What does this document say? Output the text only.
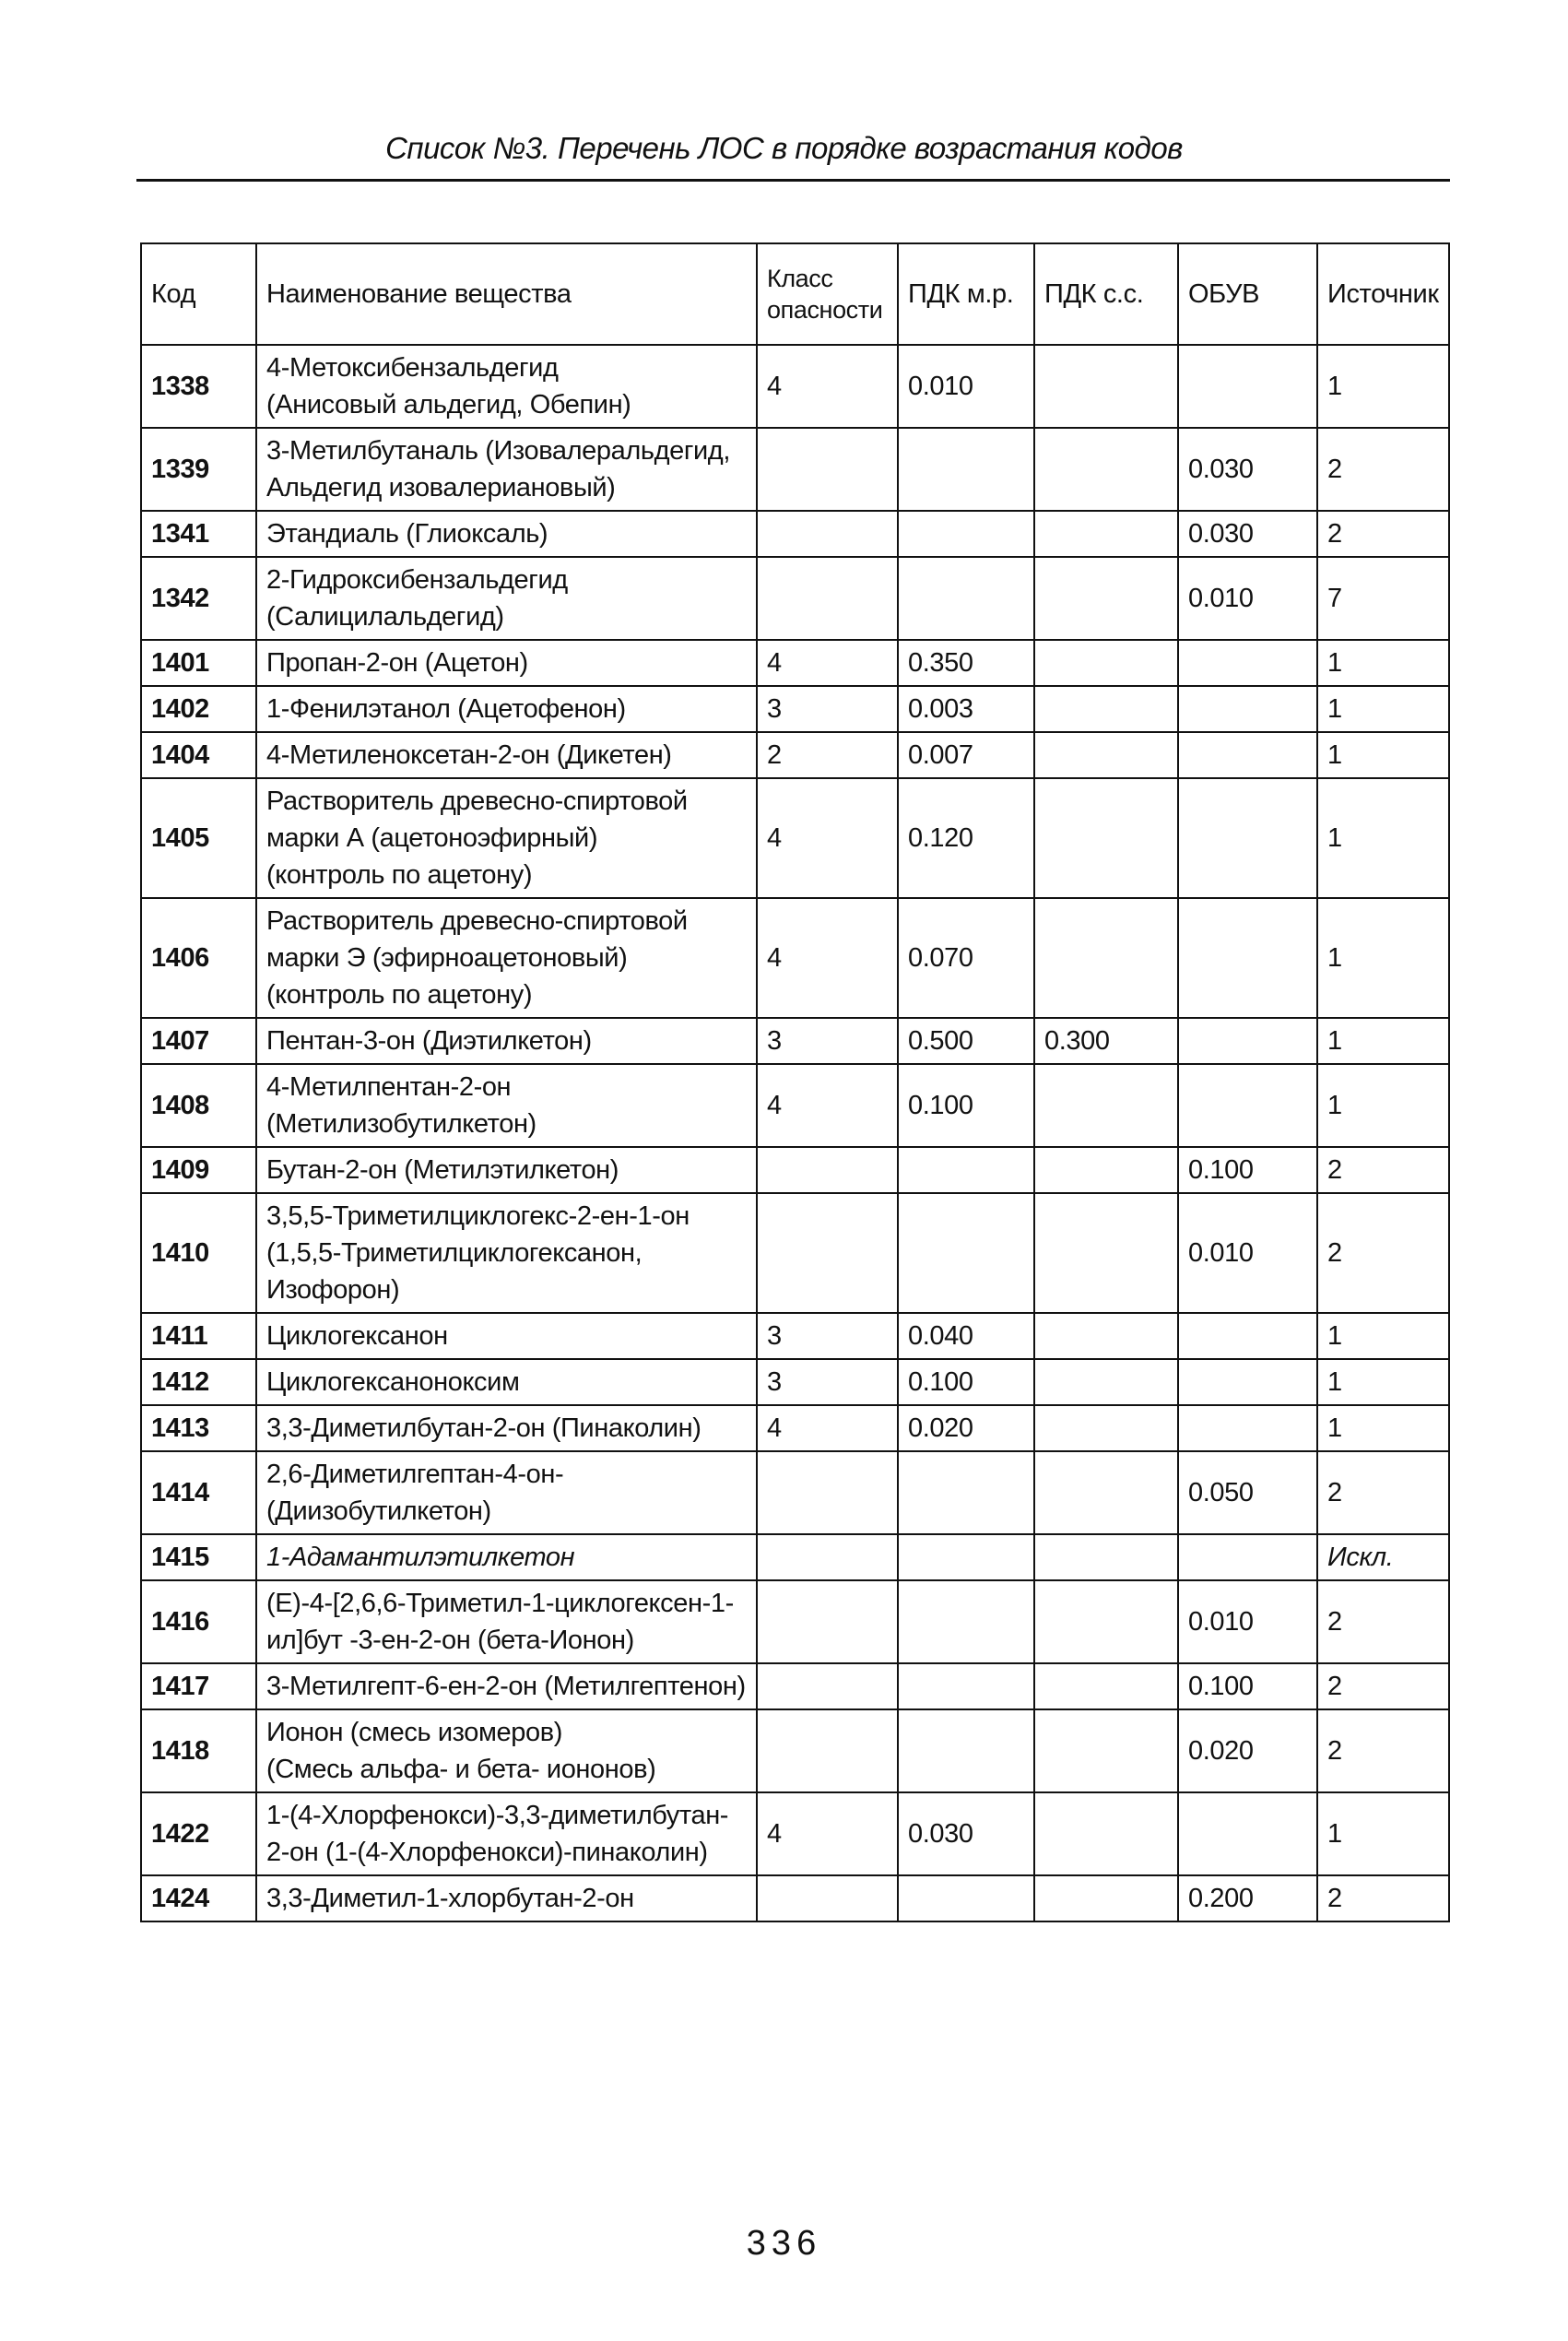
Список №3. Перечень ЛОС в порядке возрастания кодов
Код	Наименование вещества	Класс
опасности	ПДК м.р.	ПДК с.с.	ОБУВ	Источник
1338	4-Метоксибензальдегид
(Анисовый альдегид, Обепин)	4	0.010			1
1339	3-Метилбутаналь (Изовалеральдегид,
Альдегид изовалериановый)				0.030	2
1341	Этандиаль (Глиоксаль)				0.030	2
1342	2-Гидроксибензальдегид
(Салицилальдегид)				0.010	7
1401	Пропан-2-он (Ацетон)	4	0.350			1
1402	1-Фенилэтанол (Ацетофенон)	3	0.003			1
1404	4-Метиленоксетан-2-он (Дикетен)	2	0.007			1
1405	Растворитель древесно-спиртовой
марки А (ацетоноэфирный)
(контроль по ацетону)	4	0.120			1
1406	Растворитель древесно-спиртовой
марки Э (эфирноацетоновый)
(контроль по ацетону)	4	0.070			1
1407	Пентан-3-он (Диэтилкетон)	3	0.500	0.300		1
1408	4-Метилпентан-2-он
(Метилизобутилкетон)	4	0.100			1
1409	Бутан-2-он (Метилэтилкетон)				0.100	2
1410	3,5,5-Триметилциклогекс-2-ен-1-он
(1,5,5-Триметилциклогексанон,
Изофорон)				0.010	2
1411	Циклогексанон	3	0.040			1
1412	Циклогексаноноксим	3	0.100			1
1413	3,3-Диметилбутан-2-он (Пинаколин)	4	0.020			1
1414	2,6-Диметилгептан-4-он-
(Диизобутилкетон)				0.050	2
1415	1-Адамантилэтилкетон					Искл.
1416	(E)-4-[2,6,6-Триметил-1-циклогексен-1-
ил]бут -3-ен-2-он (бета-Ионон)				0.010	2
1417	3-Метилгепт-6-ен-2-он (Метилгептенон)				0.100	2
1418	Ионон (смесь изомеров)
(Смесь альфа- и бета- иононов)				0.020	2
1422	1-(4-Хлорфенокси)-3,3-диметилбутан-
2-он (1-(4-Хлорфенокси)-пинаколин)	4	0.030			1
1424	3,3-Диметил-1-хлорбутан-2-он				0.200	2
336
